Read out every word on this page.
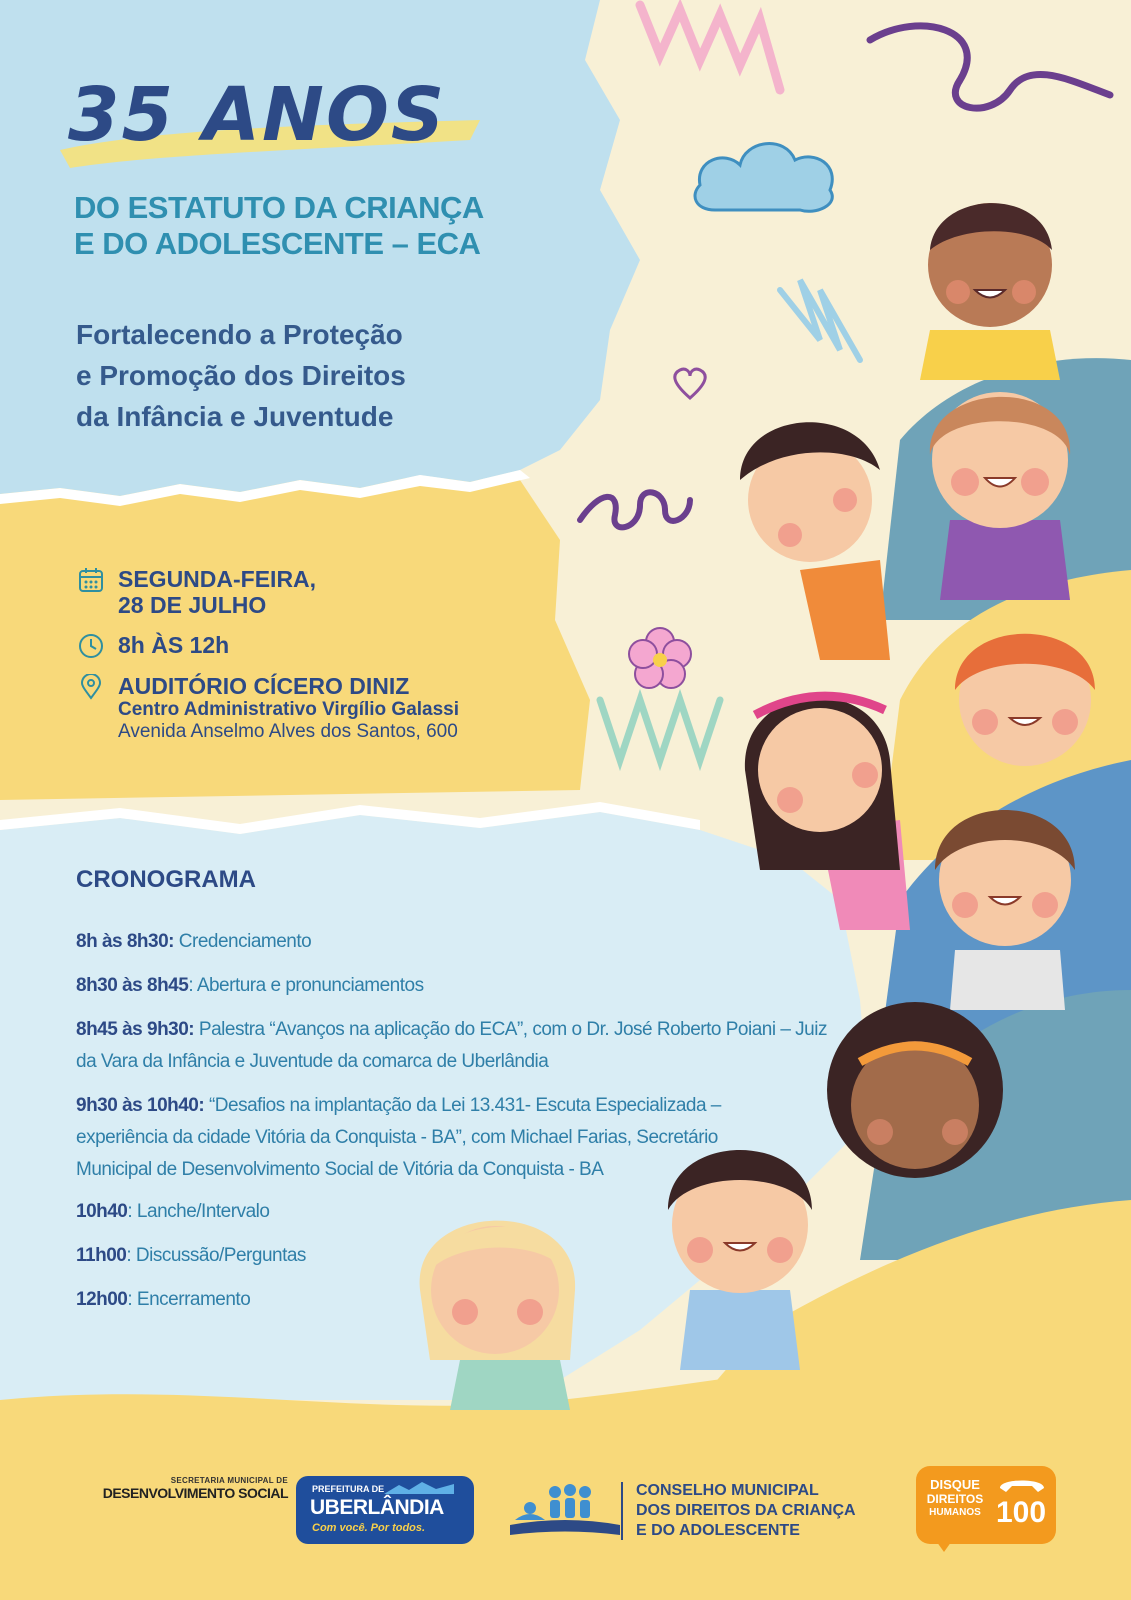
35 ANOS
DO ESTATUTO DA CRIANÇA
E DO ADOLESCENTE – ECA
Fortalecendo a Proteção
e Promoção dos Direitos
da Infância e Juventude
SEGUNDA-FEIRA,
28 DE JULHO
8h ÀS 12h
AUDITÓRIO CÍCERO DINIZ
Centro Administrativo Virgílio Galassi
Avenida Anselmo Alves dos Santos, 600
CRONOGRAMA
8h às 8h30: Credenciamento
8h30 às 8h45: Abertura e pronunciamentos
8h45 às 9h30: Palestra “Avanços na aplicação do ECA”, com o Dr. José Roberto Poiani – Juiz da Vara da Infância e Juventude da comarca de Uberlândia
9h30 às 10h40: “Desafios na implantação da Lei 13.431- Escuta Especializada – experiência da cidade Vitória da Conquista - BA”, com Michael Farias, Secretário Municipal de Desenvolvimento Social de Vitória da Conquista - BA
10h40: Lanche/Intervalo
11h00: Discussão/Perguntas
12h00: Encerramento
SECRETARIA MUNICIPAL DE
DESENVOLVIMENTO SOCIAL	PREFEITURA DE
UBERLÂNDIA
Com você. Por todos.
CONSELHO MUNICIPAL
DOS DIREITOS DA CRIANÇA
E DO ADOLESCENTE
DISQUE
DIREITOS
HUMANOS 100
